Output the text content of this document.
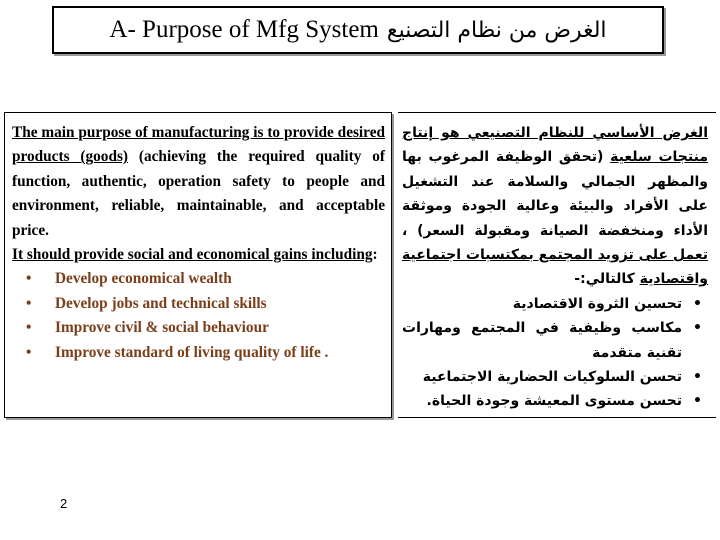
A- Purpose of Mfg System الغرض من نظام التصنيع
The main purpose of manufacturing is to provide desired products (goods) (achieving the required quality of function, authentic, operation safety to people and environment, reliable, maintainable, and acceptable price.
It should provide social and economical gains including:
• Develop economical wealth
• Develop jobs and technical skills
• Improve civil & social behaviour
• Improve standard of living quality of life .
الغرض الأساسي للنظام التصنيعي هو إنتاج منتجات سلعية (تحقق الوظيفة المرغوب بها والمظهر الجمالي والسلامة عند التشغيل على الأفراد والبيئة وعالية الجودة وموثقة الأداء ومنخفضة الصيانة ومقبولة السعر) ، تعمل على تزويد المجتمع بمكتسبات اجتماعية واقتصادية كالتالي:-
• تحسين الثروة الاقتصادية
• مكاسب وظيفية في المجتمع ومهارات تقنية متقدمة
• تحسن السلوكيات الحضارية الاجتماعية
• تحسن مستوى المعيشة وجودة الحياة.
2
